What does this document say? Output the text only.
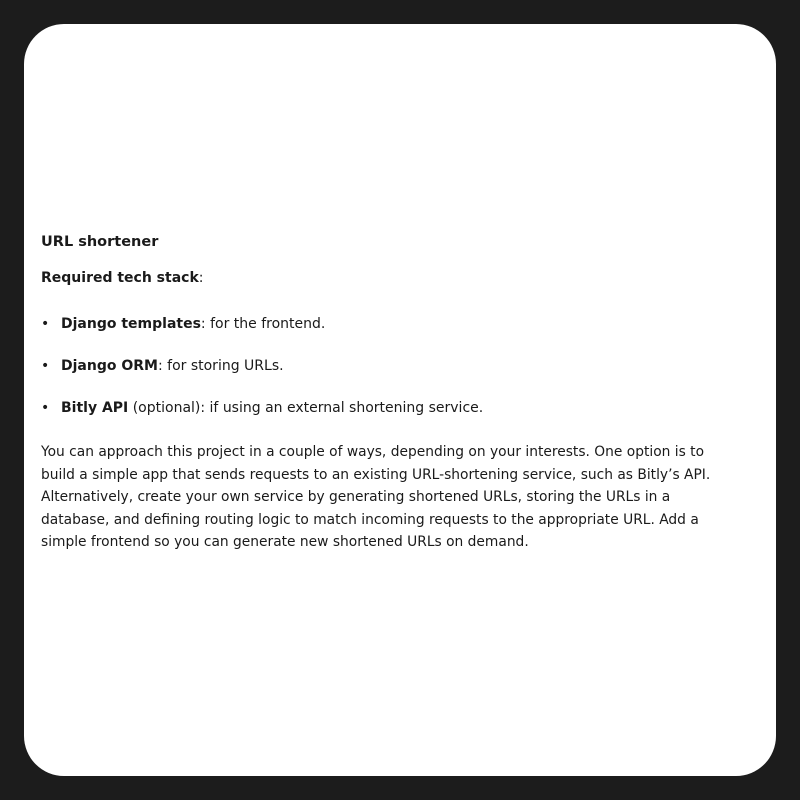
URL shortener

Required tech stack:

• Django templates: for the frontend.
• Django ORM: for storing URLs.
• Bitly API (optional): if using an external shortening service.

You can approach this project in a couple of ways, depending on your interests. One option is to build a simple app that sends requests to an existing URL-shortening service, such as Bitly’s API. Alternatively, create your own service by generating shortened URLs, storing the URLs in a database, and defining routing logic to match incoming requests to the appropriate URL. Add a simple frontend so you can generate new shortened URLs on demand.
